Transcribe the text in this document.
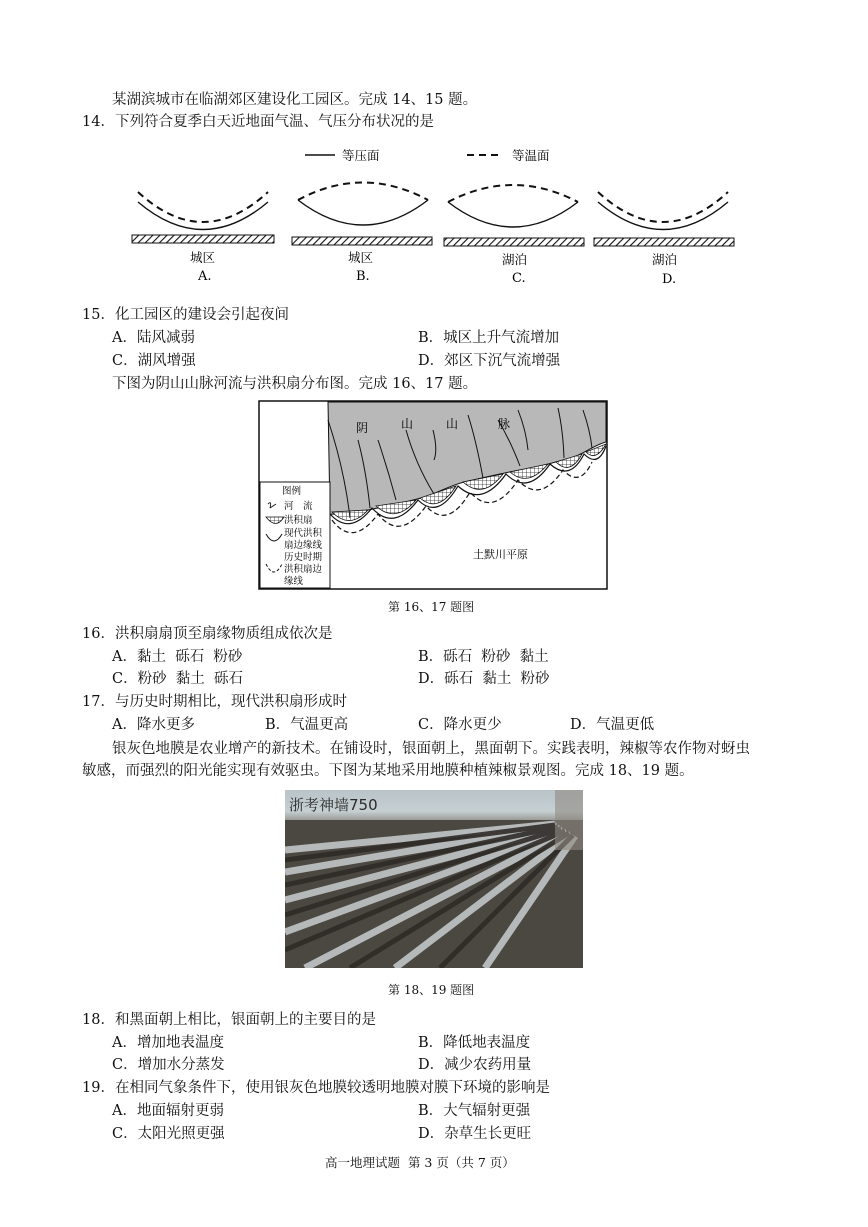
某湖滨城市在临湖郊区建设化工园区。完成 14、15 题。
14．下列符合夏季白天近地面气温、气压分布状况的是
等压面	等温面
城区
A.
城区
B.
湖泊
C.
湖泊
D.
15．化工园区的建设会引起夜间
A．陆风减弱	B．城区上升气流增加
C．湖风增强	D．郊区下沉气流增强
下图为阴山山脉河流与洪积扇分布图。完成 16、17 题。
阴	山	山	脉
土默川平原
图例
河　流
洪积扇
现代洪积
扇边缘线
历史时期
洪积扇边
缘线
第 16、17 题图
16．洪积扇扇顶至扇缘物质组成依次是
A．黏土  砾石  粉砂	B．砾石  粉砂  黏土
C．粉砂  黏土  砾石	D．砾石  黏土  粉砂
17．与历史时期相比，现代洪积扇形成时
A．降水更多	B．气温更高	C．降水更少	D．气温更低
银灰色地膜是农业增产的新技术。在铺设时，银面朝上，黑面朝下。实践表明，辣椒等农作物对蚜虫
敏感，而强烈的阳光能实现有效驱虫。下图为某地采用地膜种植辣椒景观图。完成 18、19 题。
浙考神墙750
第 18、19 题图
18．和黑面朝上相比，银面朝上的主要目的是
A．增加地表温度	B．降低地表温度
C．增加水分蒸发	D．减少农药用量
19．在相同气象条件下，使用银灰色地膜较透明地膜对膜下环境的影响是
A．地面辐射更弱	B．大气辐射更强
C．太阳光照更强	D．杂草生长更旺
高一地理试题  第 3 页（共 7 页）
